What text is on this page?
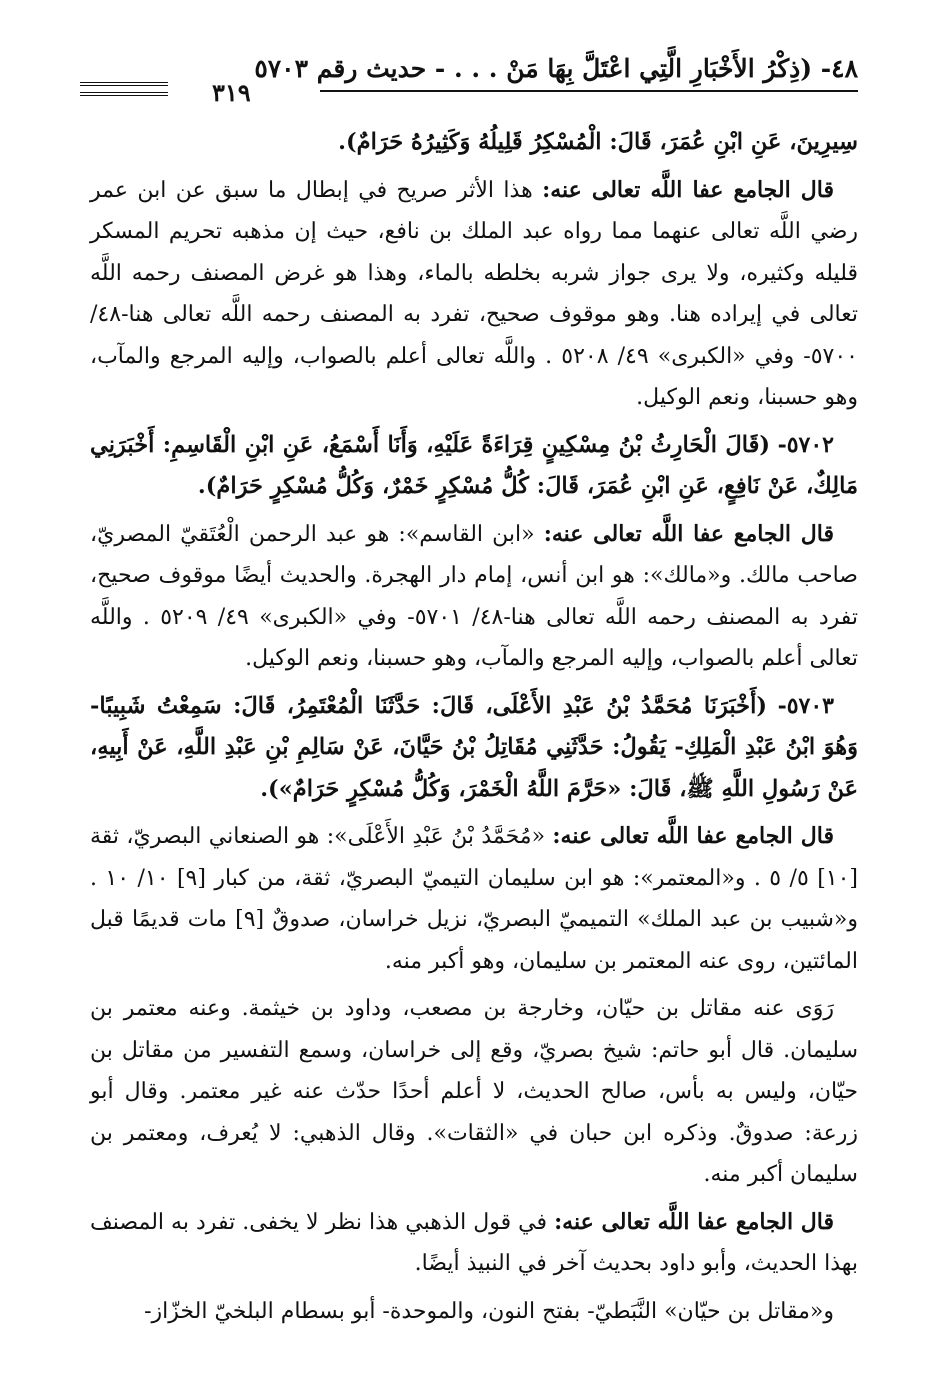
٤٨- (ذِكْرُ الأَخْبَارِ الَّتِي اعْتَلَّ بِهَا مَنْ . . . - حديث رقم ٥٧٠٣
٣١٩

سِيرِينَ، عَنِ ابْنِ عُمَرَ، قَالَ: الْمُسْكِرُ قَلِيلُهُ وَكَثِيرُهُ حَرَامٌ).

قال الجامع عفا اللَّه تعالى عنه: هذا الأثر صريح في إبطال ما سبق عن ابن عمر رضي اللَّه تعالى عنهما مما رواه عبد الملك بن نافع، حيث إن مذهبه تحريم المسكر قليله وكثيره، ولا يرى جواز شربه بخلطه بالماء، وهذا هو غرض المصنف رحمه اللَّه تعالى في إيراده هنا. وهو موقوف صحيح، تفرد به المصنف رحمه اللَّه تعالى هنا-٤٨/ ٥٧٠٠- وفي «الكبرى» ٤٩/ ٥٢٠٨ . واللَّه تعالى أعلم بالصواب، وإليه المرجع والمآب، وهو حسبنا، ونعم الوكيل.

٥٧٠٢- (قَالَ الْحَارِثُ بْنُ مِسْكِينٍ قِرَاءَةً عَلَيْهِ، وَأَنَا أَسْمَعُ، عَنِ ابْنِ الْقَاسِمِ: أَخْبَرَنِي مَالِكٌ، عَنْ نَافِعٍ، عَنِ ابْنِ عُمَرَ، قَالَ: كُلُّ مُسْكِرٍ خَمْرٌ، وَكُلُّ مُسْكِرٍ حَرَامٌ).

قال الجامع عفا اللَّه تعالى عنه: «ابن القاسم»: هو عبد الرحمن الْعُتَقيّ المصريّ، صاحب مالك. و«مالك»: هو ابن أنس، إمام دار الهجرة. والحديث أيضًا موقوف صحيح، تفرد به المصنف رحمه اللَّه تعالى هنا-٤٨/ ٥٧٠١- وفي «الكبرى» ٤٩/ ٥٢٠٩ . واللَّه تعالى أعلم بالصواب، وإليه المرجع والمآب، وهو حسبنا، ونعم الوكيل.

٥٧٠٣- (أَخْبَرَنَا مُحَمَّدُ بْنُ عَبْدِ الأَعْلَى، قَالَ: حَدَّثَنَا الْمُعْتَمِرُ، قَالَ: سَمِعْتُ شَبِيبًا- وَهُوَ ابْنُ عَبْدِ الْمَلِكِ- يَقُولُ: حَدَّثَنِي مُقَاتِلُ بْنُ حَيَّانَ، عَنْ سَالِمِ بْنِ عَبْدِ اللَّهِ، عَنْ أَبِيهِ، عَنْ رَسُولِ اللَّهِ ﷺ، قَالَ: «حَرَّمَ اللَّهُ الْخَمْرَ، وَكُلُّ مُسْكِرٍ حَرَامٌ»).

قال الجامع عفا اللَّه تعالى عنه: «مُحَمَّدُ بْنُ عَبْدِ الأَعْلَى»: هو الصنعاني البصريّ، ثقة [١٠] ٥/ ٥ . و«المعتمر»: هو ابن سليمان التيميّ البصريّ، ثقة، من كبار [٩] ١٠/ ١٠ . و«شبيب بن عبد الملك» التميميّ البصريّ، نزيل خراسان، صدوقٌ [٩] مات قديمًا قبل المائتين، روى عنه المعتمر بن سليمان، وهو أكبر منه.

رَوَى عنه مقاتل بن حيّان، وخارجة بن مصعب، وداود بن خيثمة. وعنه معتمر بن سليمان. قال أبو حاتم: شيخ بصريّ، وقع إلى خراسان، وسمع التفسير من مقاتل بن حيّان، وليس به بأس، صالح الحديث، لا أعلم أحدًا حدّث عنه غير معتمر. وقال أبو زرعة: صدوقٌ. وذكره ابن حبان في «الثقات». وقال الذهبي: لا يُعرف، ومعتمر بن سليمان أكبر منه.

قال الجامع عفا اللَّه تعالى عنه: في قول الذهبي هذا نظر لا يخفى. تفرد به المصنف بهذا الحديث، وأبو داود بحديث آخر في النبيذ أيضًا.

و«مقاتل بن حيّان» النَّبَطيّ- بفتح النون، والموحدة- أبو بسطام البلخيّ الخزّاز-
